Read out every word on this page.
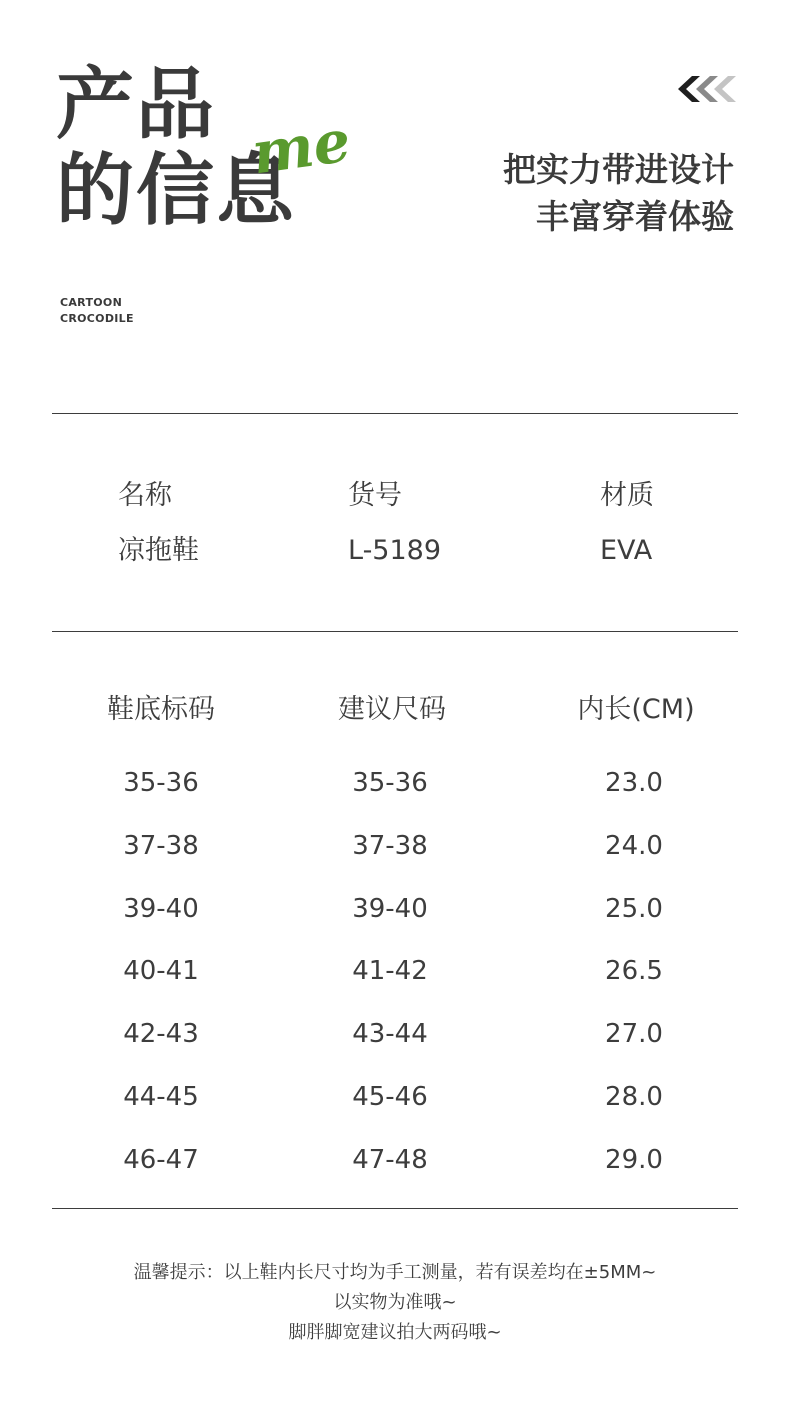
产品
的信息
me	把实力带进设计
丰富穿着体验
CARTOON
CROCODILE
名称	货号	材质
凉拖鞋	L-5189	EVA
鞋底标码	建议尺码	内长(CM)
35-36	35-36	23.0
37-38	37-38	24.0
39-40	39-40	25.0
40-41	41-42	26.5
42-43	43-44	27.0
44-45	45-46	28.0
46-47	47-48	29.0
温馨提示：以上鞋内长尺寸均为手工测量，若有误差均在±5MM~
以实物为准哦~
脚胖脚宽建议拍大两码哦~
